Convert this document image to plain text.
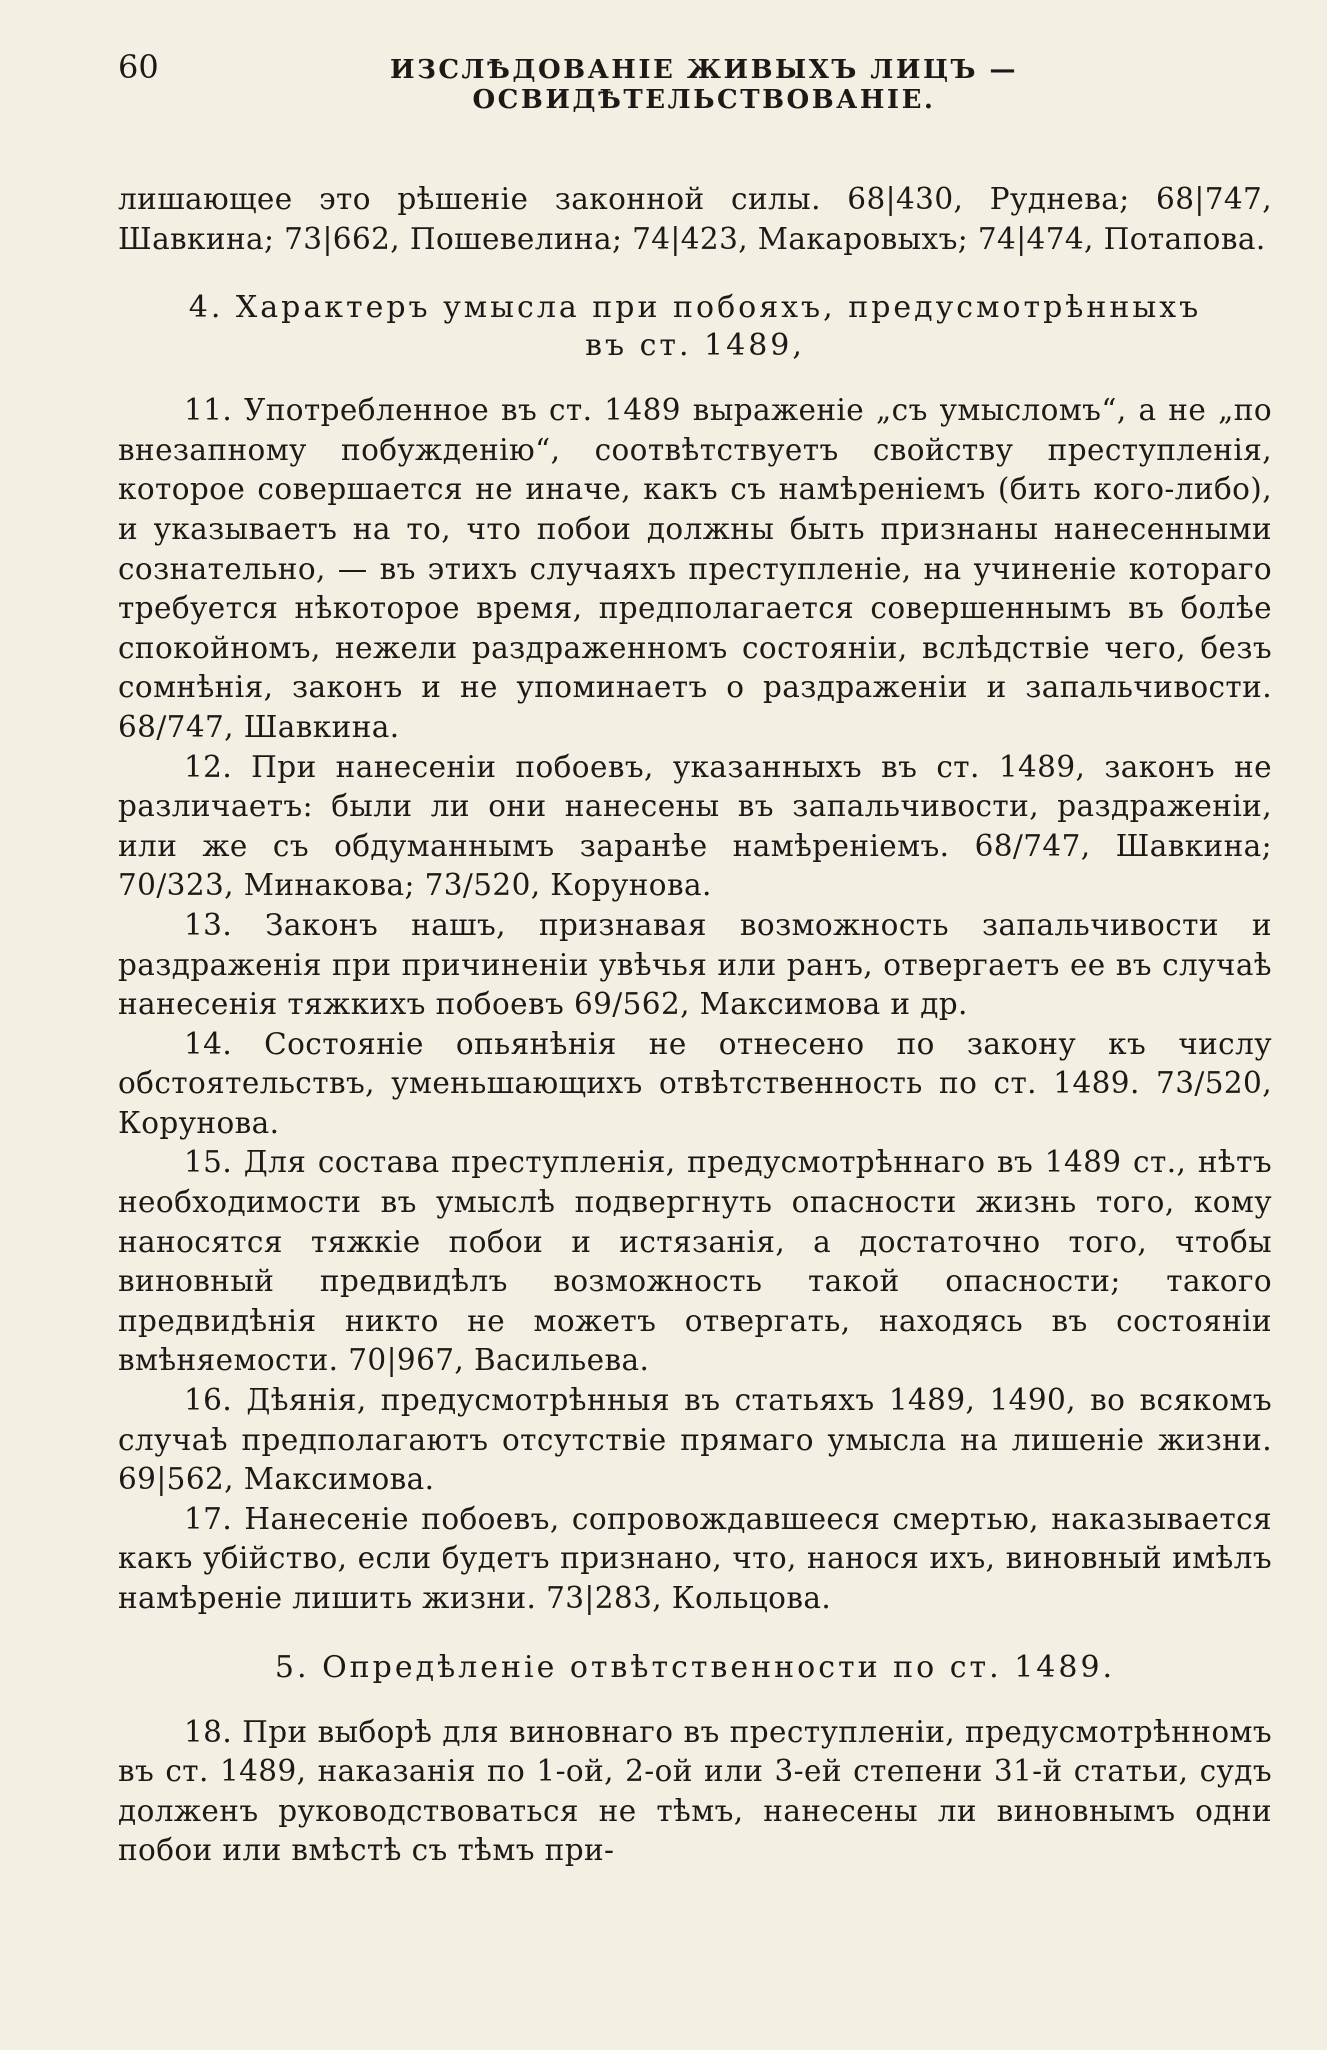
60	ИЗСЛѢДОВАНІЕ ЖИВЫХЪ ЛИЦЪ — ОСВИДѢТЕЛЬСТВОВАНІЕ.

лишающее это рѣшеніе законной силы. 68|430, Руднева; 68|747, Шавкина; 73|662, Пошевелина; 74|423, Макаровыхъ; 74|474, Потапова.

4. Характеръ умысла при побояхъ, предусмотрѣнныхъ
въ ст. 1489,

11. Употребленное въ ст. 1489 выраженіе „съ умысломъ“, а не „по внезапному побужденію“, соотвѣтствуетъ свойству преступленія, которое совершается не иначе, какъ съ намѣреніемъ (бить кого-либо), и указываетъ на то, что побои должны быть признаны нанесенными сознательно, — въ этихъ случаяхъ преступленіе, на учиненіе котораго требуется нѣкоторое время, предполагается совершеннымъ въ болѣе спокойномъ, нежели раздраженномъ состояніи, вслѣдствіе чего, безъ сомнѣнія, законъ и не упоминаетъ о раздраженіи и запальчивости. 68/747, Шавкина.

12. При нанесеніи побоевъ, указанныхъ въ ст. 1489, законъ не различаетъ: были ли они нанесены въ запальчивости, раздраженіи, или же съ обдуманнымъ заранѣе намѣреніемъ. 68/747, Шавкина; 70/323, Минакова; 73/520, Корунова.

13. Законъ нашъ, признавая возможность запальчивости и раздраженія при причиненіи увѣчья или ранъ, отвергаетъ ее въ случаѣ нанесенія тяжкихъ побоевъ 69/562, Максимова и др.

14. Состояніе опьянѣнія не отнесено по закону къ числу обстоятельствъ, уменьшающихъ отвѣтственность по ст. 1489. 73/520, Корунова.

15. Для состава преступленія, предусмотрѣннаго въ 1489 ст., нѣтъ необходимости въ умыслѣ подвергнуть опасности жизнь того, кому наносятся тяжкіе побои и истязанія, а достаточно того, чтобы виновный предвидѣлъ возможность такой опасности; такого предвидѣнія никто не можетъ отвергать, находясь въ состояніи вмѣняемости. 70|967, Васильева.

16. Дѣянія, предусмотрѣнныя въ статьяхъ 1489, 1490, во всякомъ случаѣ предполагаютъ отсутствіе прямаго умысла на лишеніе жизни. 69|562, Максимова.

17. Нанесеніе побоевъ, сопровождавшееся смертью, наказывается какъ убійство, если будетъ признано, что, нанося ихъ, виновный имѣлъ намѣреніе лишить жизни. 73|283, Кольцова.

5. Опредѣленіе отвѣтственности по ст. 1489.

18. При выборѣ для виновнаго въ преступленіи, предусмотрѣнномъ въ ст. 1489, наказанія по 1-ой, 2-ой или 3-ей степени 31-й статьи, судъ долженъ руководствоваться не тѣмъ, нанесены ли виновнымъ одни побои или вмѣстѣ съ тѣмъ при-
